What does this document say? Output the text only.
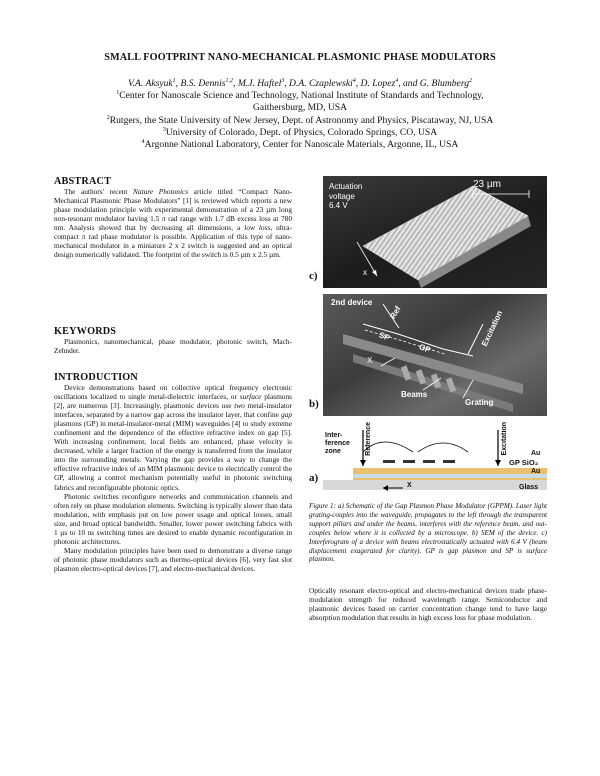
SMALL FOOTPRINT NANO-MECHANICAL PLASMONIC PHASE MODULATORS
V.A. Aksyuk$^1$, B.S. Dennis$^{1,2}$, M.J. Haftel$^3$, D.A. Czaplewski$^4$, D. Lopez$^4$, and G. Blumberg$^2$
$^1$Center for Nanoscale Science and Technology, National Institute of Standards and Technology,
Gaithersburg, MD, USA
$^2$Rutgers, the State University of New Jersey, Dept. of Astronomy and Physics, Piscataway, NJ, USA
$^3$University of Colorado, Dept. of Physics, Colorado Springs, CO, USA
$^4$Argonne National Laboratory, Center for Nanoscale Materials, Argonne, IL, USA
ABSTRACT

The authors' recent Nature Photonics article titled “Compact Nano-Mechanical Plasmonic Phase Modulators” [1] is reviewed which reports a new phase modulation principle with experimental demonstration of a 23 µm long non-resonant modulator having 1.5 π rad range with 1.7 dB excess loss at 780 nm. Analysis showed that by decreasing all dimensions, a low loss, ultra-compact π rad phase modulator is possible. Application of this type of nano-mechanical modulator in a miniature 2 x 2 switch is suggested and an optical design numerically validated. The footprint of the switch is 0.5 µm x 2.5 µm.

KEYWORDS

Plasmonics, nanomechanical, phase modulator, photonic switch, Mach-Zehnder.

INTRODUCTION

Device demonstrations based on collective optical frequency electronic oscillations localized to single metal-dielectric interfaces, or surface plasmons [2], are numerous [3]. Increasingly, plasmonic devices use two metal-insulator interfaces, separated by a narrow gap across the insulator layer, that confine gap plasmons (GP) in metal-insulator-metal (MIM) waveguides [4] to study extreme confinement and the dependence of the effective refractive index on gap [5]. With increasing confinement, local fields are enhanced, phase velocity is decreased, while a larger fraction of the energy is transferred from the insulator into the surrounding metals. Varying the gap provides a way to change the effective refractive index of an MIM plasmonic device to electrically control the GP, allowing a control mechanism potentially useful in photonic switching fabrics and reconfigurable photonic optics.

Photonic switches reconfigure networks and communication channels and often rely on phase modulation elements. Switching is typically slower than data modulation, with emphasis put on low power usage and optical losses, small size, and broad optical bandwidth. Smaller, lower power switching fabrics with 1 µs to 10 ns switching times are desired to enable dynamic reconfiguration in photonic architectures.

Many modulation principles have been used to demonstrate a diverse range of photonic phase modulators such as thermo-optical devices [6], very fast slot plasmon electro-optical devices [7], and electro-mechanical devices.

c)
Actuation
voltage
6.4 V
23 µm
x
b)
2nd device
Ref
SP
GP
X
Excitation
Beams
Grating
a)
Inter-
ference
zone	Reference	Excitation
X
GP SiO₂
Au
Au
Glass
Figure 1: a) Schematic of the Gap Plasmon Phase Modulator (GPPM). Laser light grating-couples into the waveguide, propagates to the left through the transparent support pillars and under the beams, interferes with the reference beam, and out-couples below where it is collected by a microscope. b) SEM of the device. c) Interferogram of a device with beams electrostatically actuated with 6.4 V (beam displacement exagerated for clarity). GP is gap plasmon and SP is surface plasmon.

Optically resonant electro-optical and electro-mechanical devices trade phase-modulation strength for reduced wavelength range. Semiconductor and plasmonic devices based on carrier concentration change tend to have large absorption modulation that results in high excess loss for phase modulation.
